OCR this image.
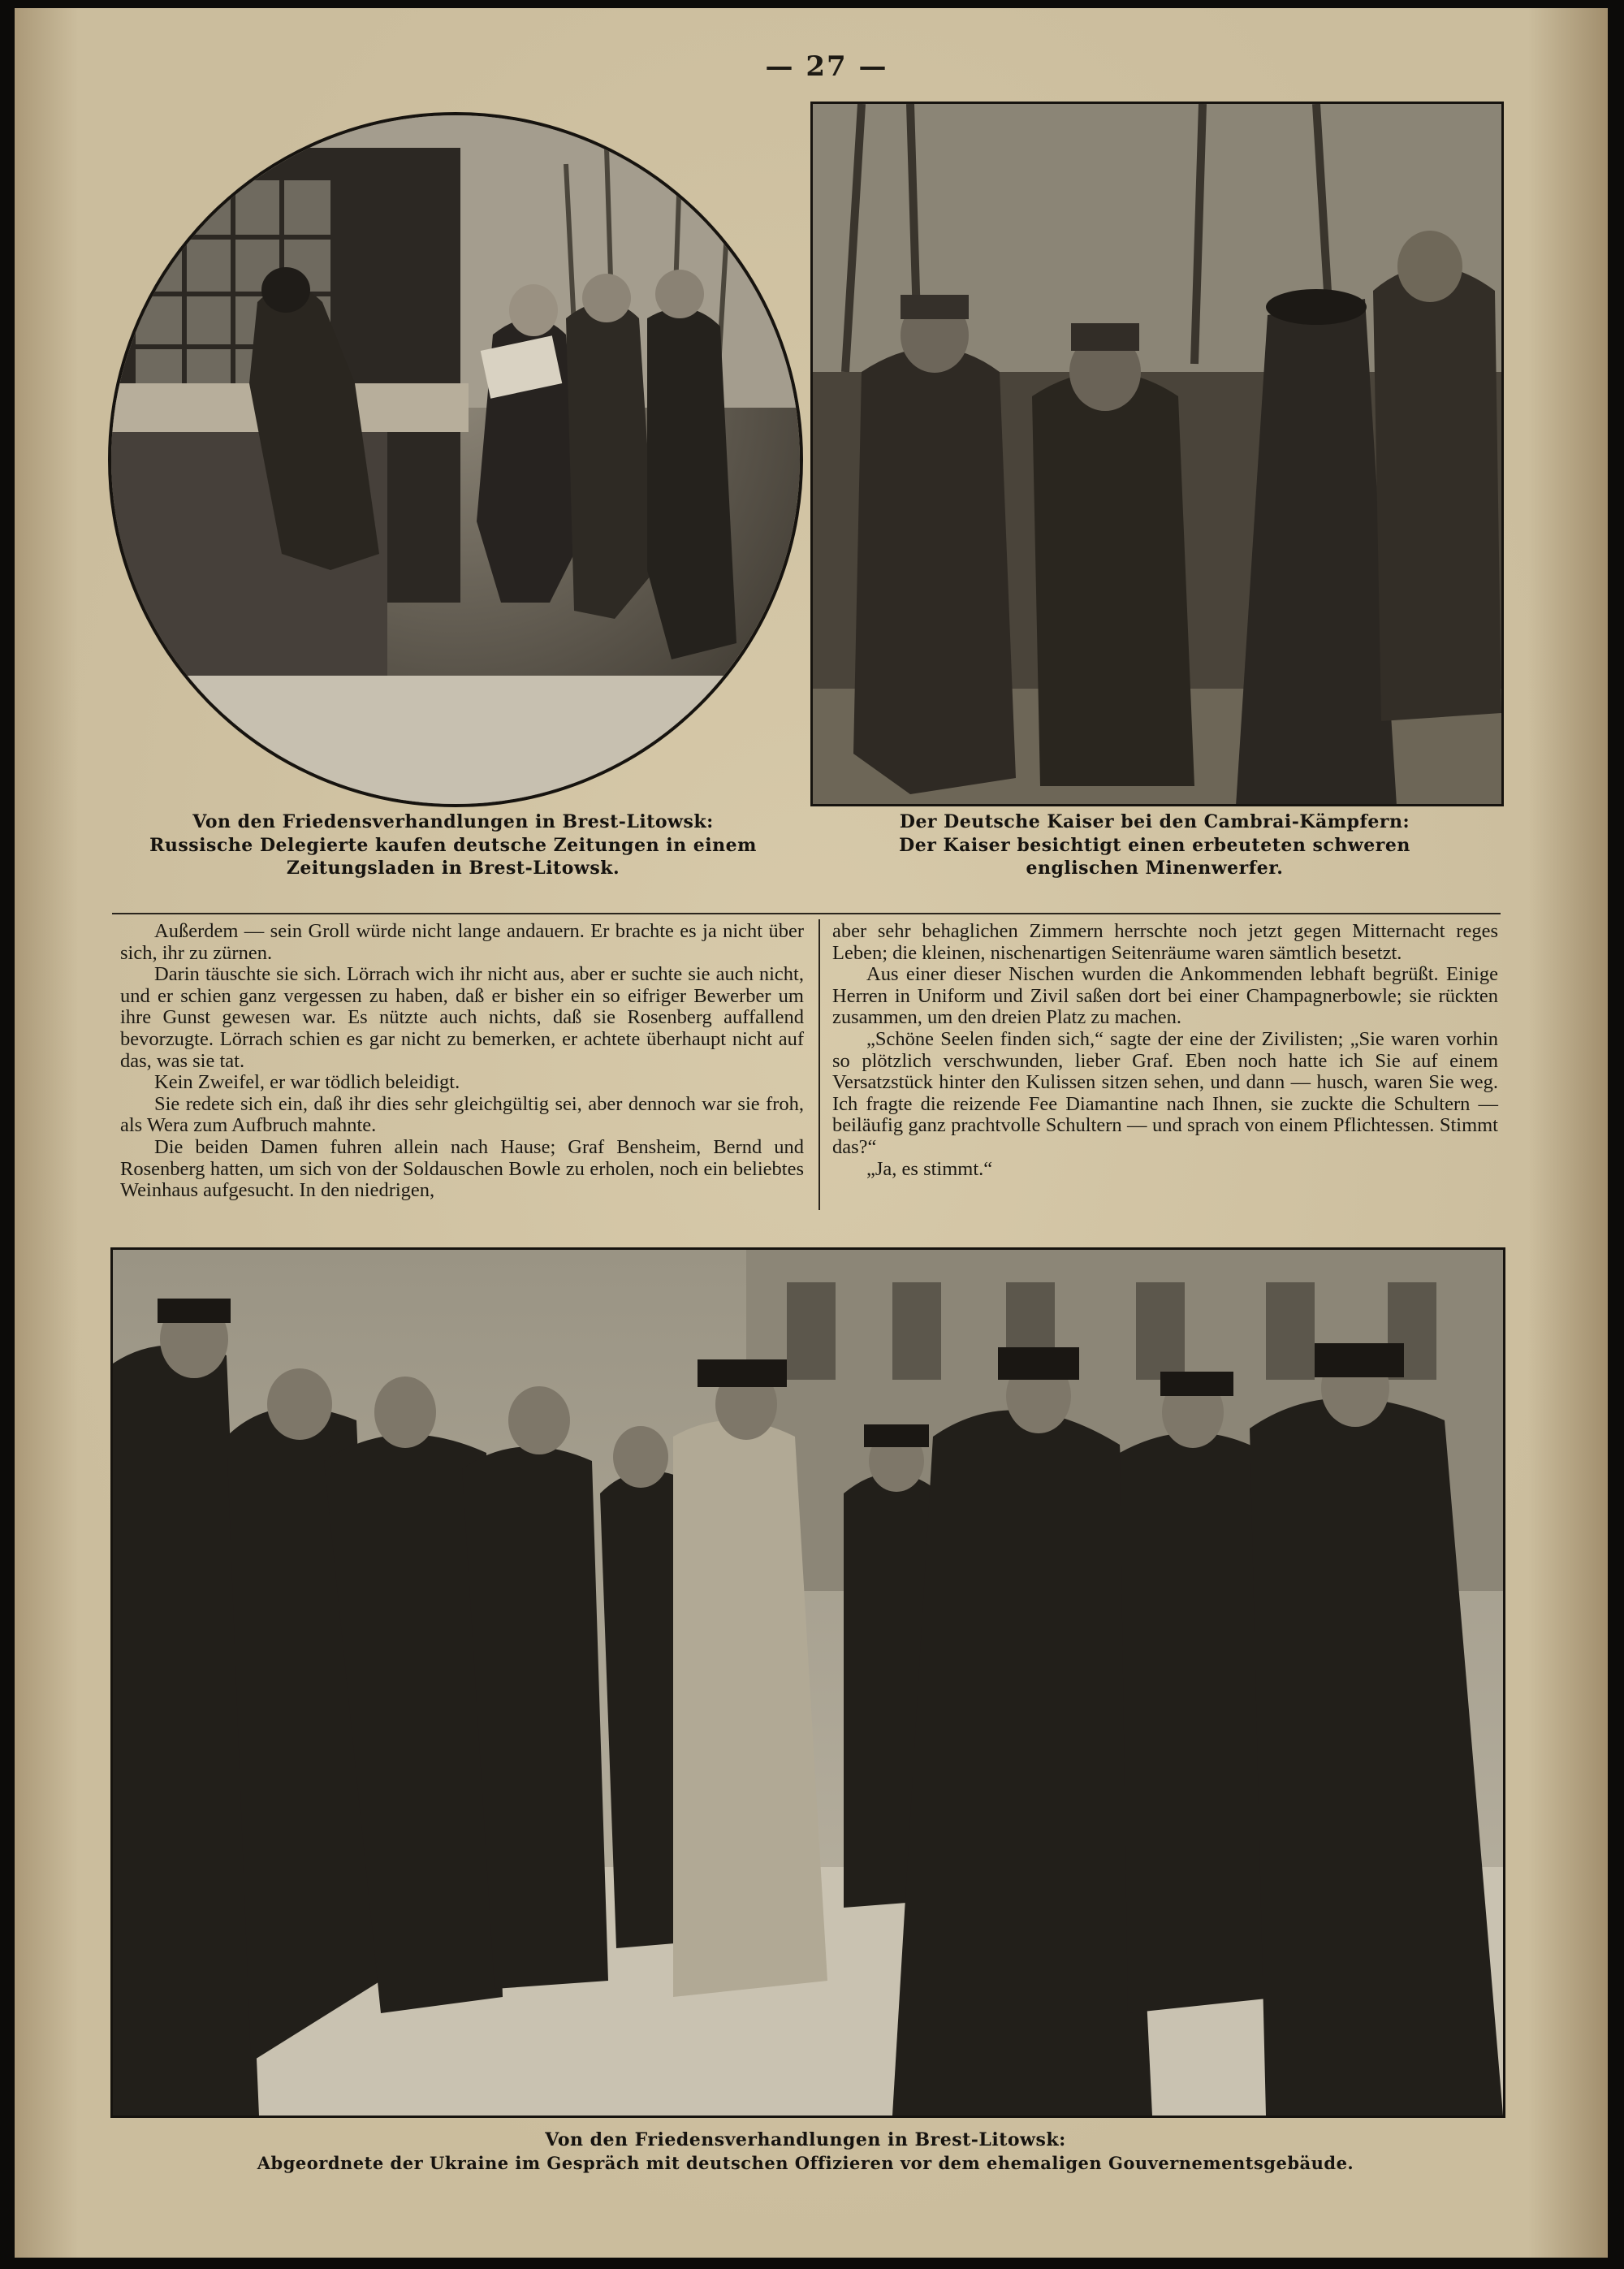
— 27 —
Von den Friedensverhandlungen in Brest-Litowsk:
Russische Delegierte kaufen deutsche Zeitungen in einem
Zeitungsladen in Brest-Litowsk.
Der Deutsche Kaiser bei den Cambrai-Kämpfern:
Der Kaiser besichtigt einen erbeuteten schweren
englischen Minenwerfer.

Außerdem — sein Groll würde nicht lange andauern. Er brachte es ja nicht über sich, ihr zu zürnen.

Darin täuschte sie sich. Lörrach wich ihr nicht aus, aber er suchte sie auch nicht, und er schien ganz vergessen zu haben, daß er bisher ein so eifriger Bewerber um ihre Gunst gewesen war. Es nützte auch nichts, daß sie Rosenberg auffallend bevorzugte. Lörrach schien es gar nicht zu bemerken, er achtete überhaupt nicht auf das, was sie tat.

Kein Zweifel, er war tödlich beleidigt.

Sie redete sich ein, daß ihr dies sehr gleichgültig sei, aber dennoch war sie froh, als Wera zum Aufbruch mahnte.

Die beiden Damen fuhren allein nach Hause; Graf Bensheim, Bernd und Rosenberg hatten, um sich von der Soldauschen Bowle zu erholen, noch ein beliebtes Weinhaus aufgesucht. In den niedrigen,

aber sehr behaglichen Zimmern herrschte noch jetzt gegen Mitternacht reges Leben; die kleinen, nischenartigen Seitenräume waren sämtlich besetzt.

Aus einer dieser Nischen wurden die Ankommenden lebhaft begrüßt. Einige Herren in Uniform und Zivil saßen dort bei einer Champagnerbowle; sie rückten zusammen, um den dreien Platz zu machen.

„Schöne Seelen finden sich,“ sagte der eine der Zivilisten; „Sie waren vorhin so plötzlich verschwunden, lieber Graf. Eben noch hatte ich Sie auf einem Versatzstück hinter den Kulissen sitzen sehen, und dann — husch, waren Sie weg. Ich fragte die reizende Fee Diamantine nach Ihnen, sie zuckte die Schultern — beiläufig ganz prachtvolle Schultern — und sprach von einem Pflichtessen. Stimmt das?“

„Ja, es stimmt.“

Von den Friedensverhandlungen in Brest-Litowsk:
Abgeordnete der Ukraine im Gespräch mit deutschen Offizieren vor dem ehemaligen Gouvernementsgebäude.
